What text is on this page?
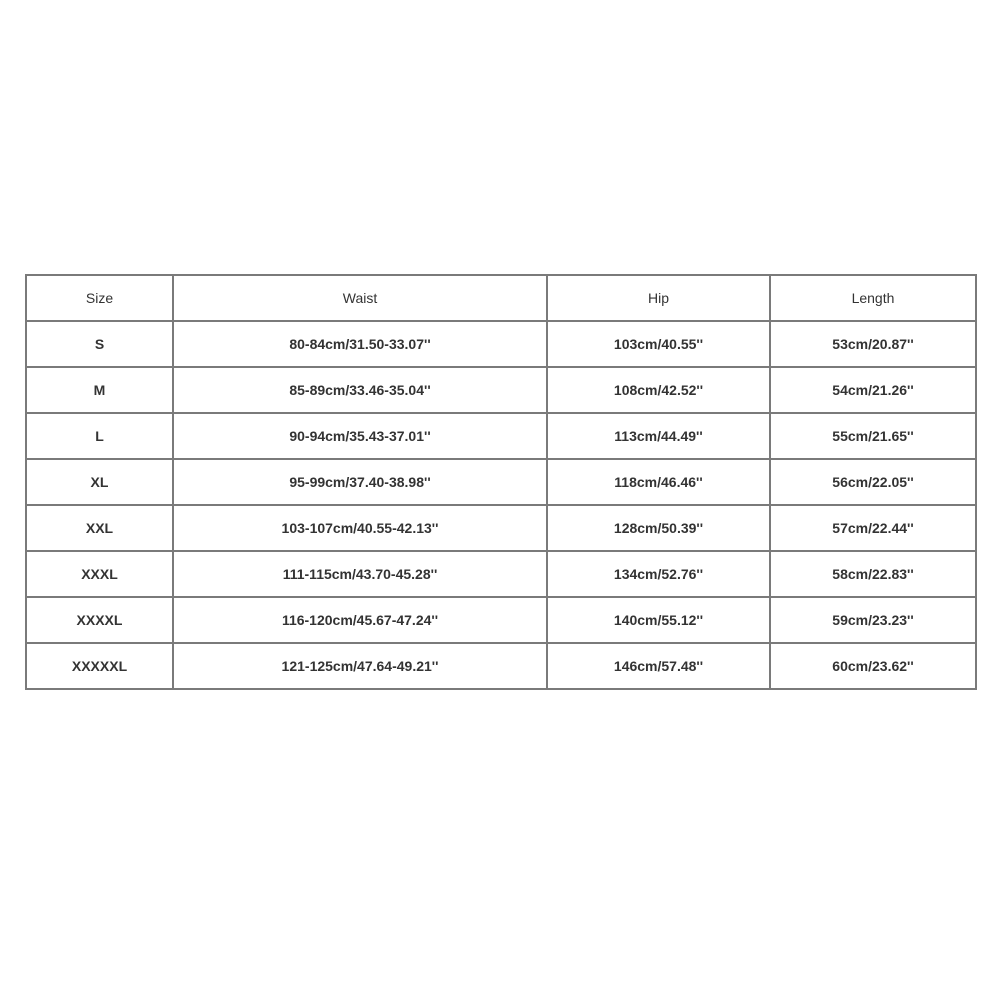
Size	Waist	Hip	Length
S	80-84cm/31.50-33.07''	103cm/40.55''	53cm/20.87''
M	85-89cm/33.46-35.04''	108cm/42.52''	54cm/21.26''
L	90-94cm/35.43-37.01''	113cm/44.49''	55cm/21.65''
XL	95-99cm/37.40-38.98''	118cm/46.46''	56cm/22.05''
XXL	103-107cm/40.55-42.13''	128cm/50.39''	57cm/22.44''
XXXL	111-115cm/43.70-45.28''	134cm/52.76''	58cm/22.83''
XXXXL	116-120cm/45.67-47.24''	140cm/55.12''	59cm/23.23''
XXXXXL	121-125cm/47.64-49.21''	146cm/57.48''	60cm/23.62''
